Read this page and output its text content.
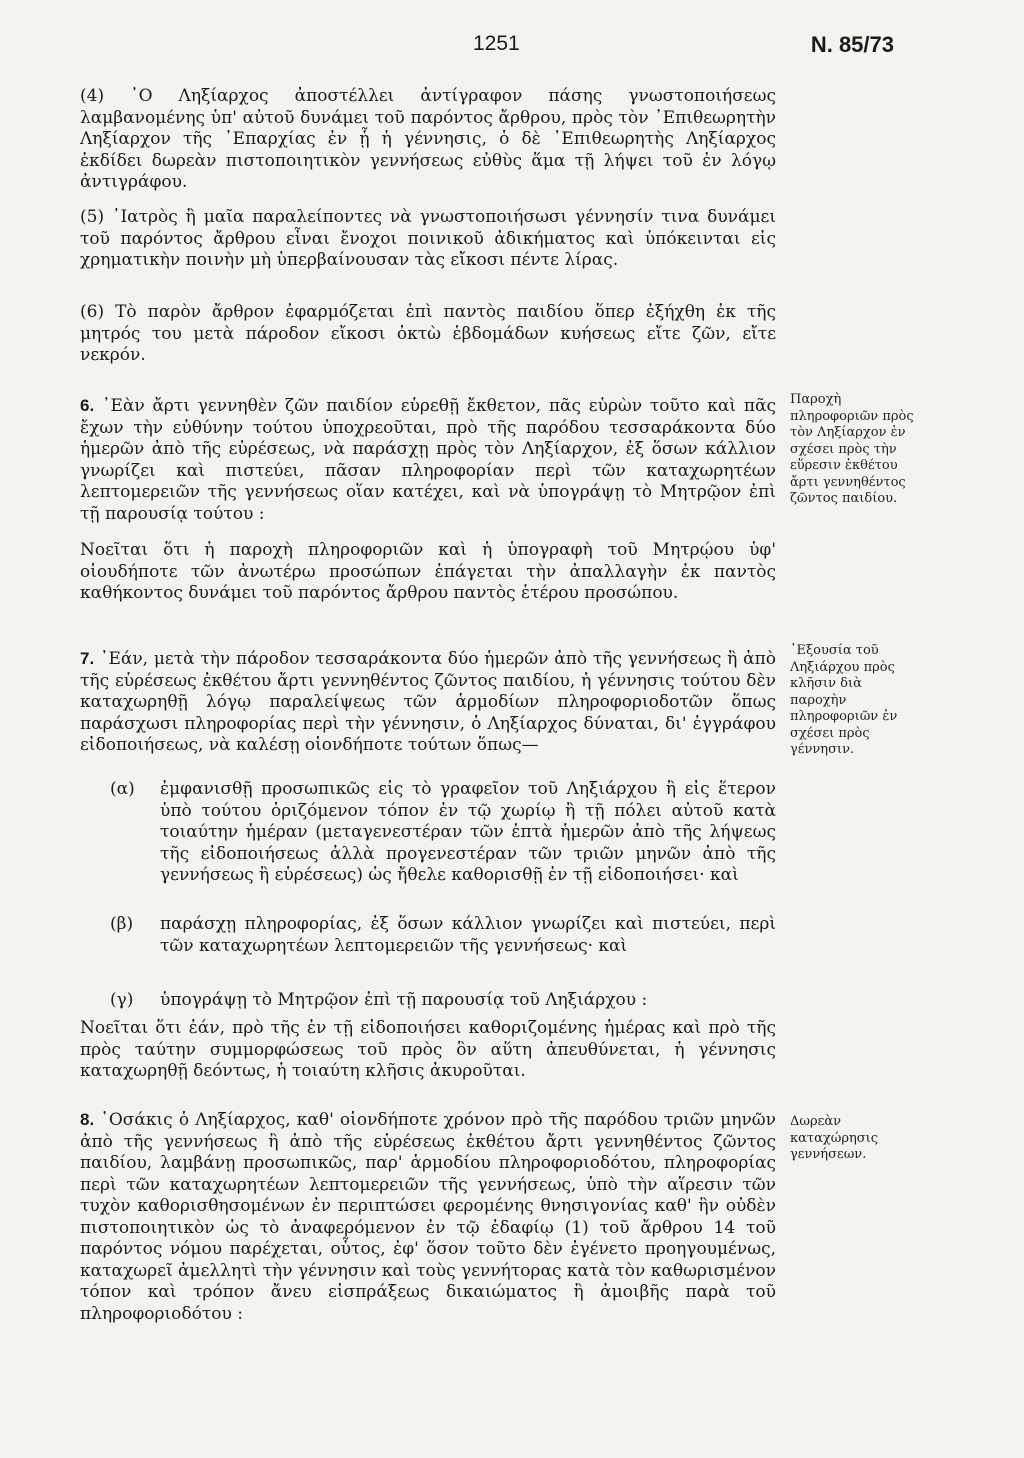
1251	N. 85/73

(4) ᾿Ο Ληξίαρχος ἀποστέλλει ἀντίγραφον πάσης γνωστοποιήσεως λαμβανομένης ὑπ' αὐτοῦ δυνάμει τοῦ παρόντος ἄρθρου, πρὸς τὸν ᾿Επιθεωρητὴν Ληξίαρχον τῆς ᾿Επαρχίας ἐν ᾗ ἡ γέννησις, ὁ δὲ ᾿Επιθεωρητὴς Ληξίαρχος ἐκδίδει δωρεὰν πιστοποιητικὸν γεννήσεως εὐθὺς ἅμα τῇ λήψει τοῦ ἐν λόγῳ ἀντιγράφου.

(5) ᾿Ιατρὸς ἢ μαῖα παραλείποντες νὰ γνωστοποιήσωσι γέννησίν τινα δυνάμει τοῦ παρόντος ἄρθρου εἶναι ἔνοχοι ποινικοῦ ἀδικήματος καὶ ὑπόκεινται εἰς χρηματικὴν ποινὴν μὴ ὑπερβαίνουσαν τὰς εἴκοσι πέντε λίρας.

(6) Τὸ παρὸν ἄρθρον ἐφαρμόζεται ἐπὶ παντὸς παιδίου ὅπερ ἐξήχθη ἐκ τῆς μητρός του μετὰ πάροδον εἴκοσι ὀκτὼ ἑβδομάδων κυήσεως εἴτε ζῶν, εἴτε νεκρόν.

6. ᾿Εὰν ἄρτι γεννηθὲν ζῶν παιδίον εὑρεθῇ ἔκθετον, πᾶς εὑρὼν τοῦτο καὶ πᾶς ἔχων τὴν εὐθύνην τούτου ὑποχρεοῦται, πρὸ τῆς παρόδου τεσσαράκοντα δύο ἡμερῶν ἀπὸ τῆς εὑρέσεως, νὰ παράσχῃ πρὸς τὸν Ληξίαρχον, ἐξ ὅσων κάλλιον γνωρίζει καὶ πιστεύει, πᾶσαν πληροφορίαν περὶ τῶν καταχωρητέων λεπτομερειῶν τῆς γεννήσεως οἵαν κατέχει, καὶ νὰ ὑπογράψῃ τὸ Μητρῷον ἐπὶ τῇ παρουσίᾳ τούτου :

Νοεῖται ὅτι ἡ παροχὴ πληροφοριῶν καὶ ἡ ὑπογραφὴ τοῦ Μητρῴου ὑφ' οἱουδήποτε τῶν ἀνωτέρω προσώπων ἐπάγεται τὴν ἀπαλλαγὴν ἐκ παντὸς καθήκοντος δυνάμει τοῦ παρόντος ἄρθρου παντὸς ἑτέρου προσώπου.

Παροχὴ πληροφοριῶν πρὸς τὸν Ληξίαρχον ἐν σχέσει πρὸς τὴν εὕρεσιν ἐκθέτου ἄρτι γεννηθέντος ζῶντος παιδίου.

7. ᾿Εάν, μετὰ τὴν πάροδον τεσσαράκοντα δύο ἡμερῶν ἀπὸ τῆς γεννήσεως ἢ ἀπὸ τῆς εὑρέσεως ἐκθέτου ἄρτι γεννηθέντος ζῶντος παιδίου, ἡ γέννησις τούτου δὲν καταχωρηθῇ λόγῳ παραλείψεως τῶν ἁρμοδίων πληροφοριοδοτῶν ὅπως παράσχωσι πληροφορίας περὶ τὴν γέννησιν, ὁ Ληξίαρχος δύναται, δι' ἐγγράφου εἰδοποιήσεως, νὰ καλέσῃ οἱονδήποτε τούτων ὅπως—

᾿Εξουσία τοῦ Ληξιάρχου πρὸς κλῆσιν διὰ παροχὴν πληροφοριῶν ἐν σχέσει πρὸς γέννησιν.
(α) ἐμφανισθῇ προσωπικῶς εἰς τὸ γραφεῖον τοῦ Ληξιάρχου ἢ εἰς ἕτερον ὑπὸ τούτου ὁριζόμενον τόπον ἐν τῷ χωρίῳ ἢ τῇ πόλει αὐτοῦ κατὰ τοιαύτην ἡμέραν (μεταγενεστέραν τῶν ἑπτὰ ἡμερῶν ἀπὸ τῆς λήψεως τῆς εἰδοποιήσεως ἀλλὰ προγενεστέραν τῶν τριῶν μηνῶν ἀπὸ τῆς γεννήσεως ἢ εὑρέσεως) ὡς ἤθελε καθορισθῇ ἐν τῇ εἰδοποιήσει· καὶ
(β) παράσχῃ πληροφορίας, ἐξ ὅσων κάλλιον γνωρίζει καὶ πιστεύει, περὶ τῶν καταχωρητέων λεπτομερειῶν τῆς γεννήσεως· καὶ
(γ) ὑπογράψῃ τὸ Μητρῷον ἐπὶ τῇ παρουσίᾳ τοῦ Ληξιάρχου :

Νοεῖται ὅτι ἐάν, πρὸ τῆς ἐν τῇ εἰδοποιήσει καθοριζομένης ἡμέρας καὶ πρὸ τῆς πρὸς ταύτην συμμορφώσεως τοῦ πρὸς ὃν αὕτη ἀπευθύνεται, ἡ γέννησις καταχωρηθῇ δεόντως, ἡ τοιαύτη κλῆσις ἀκυροῦται.

8. ῾Οσάκις ὁ Ληξίαρχος, καθ' οἱονδήποτε χρόνον πρὸ τῆς παρόδου τριῶν μηνῶν ἀπὸ τῆς γεννήσεως ἢ ἀπὸ τῆς εὑρέσεως ἐκθέτου ἄρτι γεννηθέντος ζῶντος παιδίου, λαμβάνῃ προσωπικῶς, παρ' ἁρμοδίου πληροφοριοδότου, πληροφορίας περὶ τῶν καταχωρητέων λεπτομερειῶν τῆς γεννήσεως, ὑπὸ τὴν αἵρεσιν τῶν τυχὸν καθορισθησομένων ἐν περιπτώσει φερομένης θνησιγονίας καθ' ἣν οὐδὲν πιστοποιητικὸν ὡς τὸ ἀναφερόμενον ἐν τῷ ἐδαφίῳ (1) τοῦ ἄρθρου 14 τοῦ παρόντος νόμου παρέχεται, οὗτος, ἐφ' ὅσον τοῦτο δὲν ἐγένετο προηγουμένως, καταχωρεῖ ἀμελλητὶ τὴν γέννησιν καὶ τοὺς γεννήτορας κατὰ τὸν καθωρισμένον τόπον καὶ τρόπον ἄνευ εἰσπράξεως δικαιώματος ἢ ἀμοιβῆς παρὰ τοῦ πληροφοριοδότου :

Δωρεὰν καταχώρησις γεννήσεων.
